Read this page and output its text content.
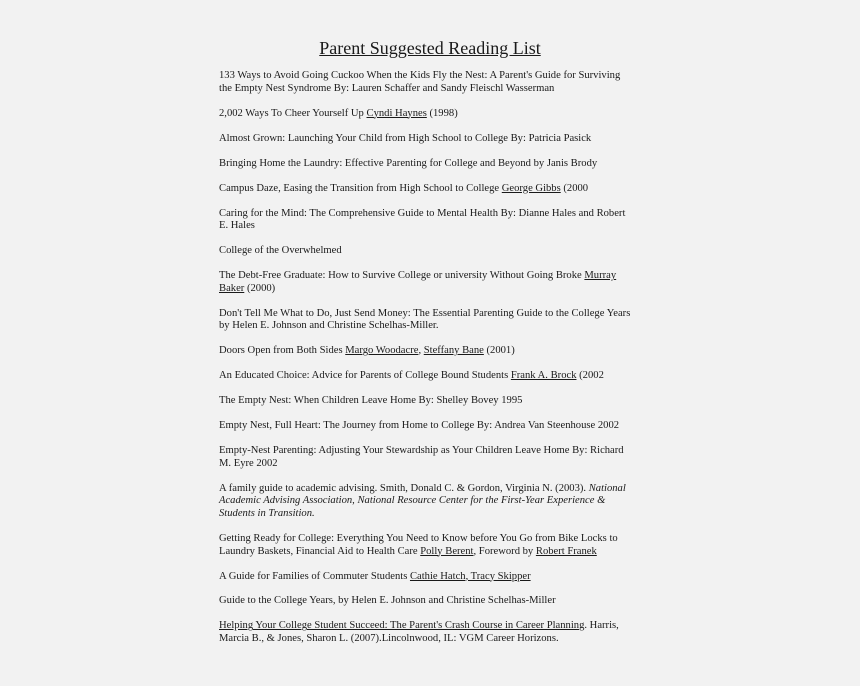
Parent Suggested Reading List
133 Ways to Avoid Going Cuckoo When the Kids Fly the Nest: A Parent's Guide for Surviving
the Empty Nest Syndrome By: Lauren Schaffer and Sandy Fleischl Wasserman
2,002 Ways To Cheer Yourself Up Cyndi Haynes (1998)
Almost Grown: Launching Your Child from High School to College By: Patricia Pasick
Bringing Home the Laundry: Effective Parenting for College and Beyond by Janis Brody
Campus Daze, Easing the Transition from High School to College George Gibbs (2000
Caring for the Mind: The Comprehensive Guide to Mental Health By: Dianne Hales and Robert
E. Hales
College of the Overwhelmed
The Debt-Free Graduate: How to Survive College or university Without Going Broke Murray
Baker (2000)
Don't Tell Me What to Do, Just Send Money: The Essential Parenting Guide to the College Years
by Helen E. Johnson and Christine Schelhas-Miller.
Doors Open from Both Sides Margo Woodacre, Steffany Bane (2001)
An Educated Choice: Advice for Parents of College Bound Students Frank A. Brock (2002
The Empty Nest: When Children Leave Home By: Shelley Bovey 1995
Empty Nest, Full Heart: The Journey from Home to College By: Andrea Van Steenhouse 2002
Empty-Nest Parenting: Adjusting Your Stewardship as Your Children Leave Home By: Richard
M. Eyre 2002
A family guide to academic advising. Smith, Donald C. & Gordon, Virginia N. (2003). National
Academic Advising Association, National Resource Center for the First-Year Experience &
Students in Transition.
Getting Ready for College: Everything You Need to Know before You Go from Bike Locks to
Laundry Baskets, Financial Aid to Health Care Polly Berent, Foreword by Robert Franek
A Guide for Families of Commuter Students Cathie Hatch, Tracy Skipper
Guide to the College Years, by Helen E. Johnson and Christine Schelhas-Miller
Helping Your College Student Succeed: The Parent's Crash Course in Career Planning. Harris,
Marcia B., & Jones, Sharon L. (2007).Lincolnwood, IL: VGM Career Horizons.
